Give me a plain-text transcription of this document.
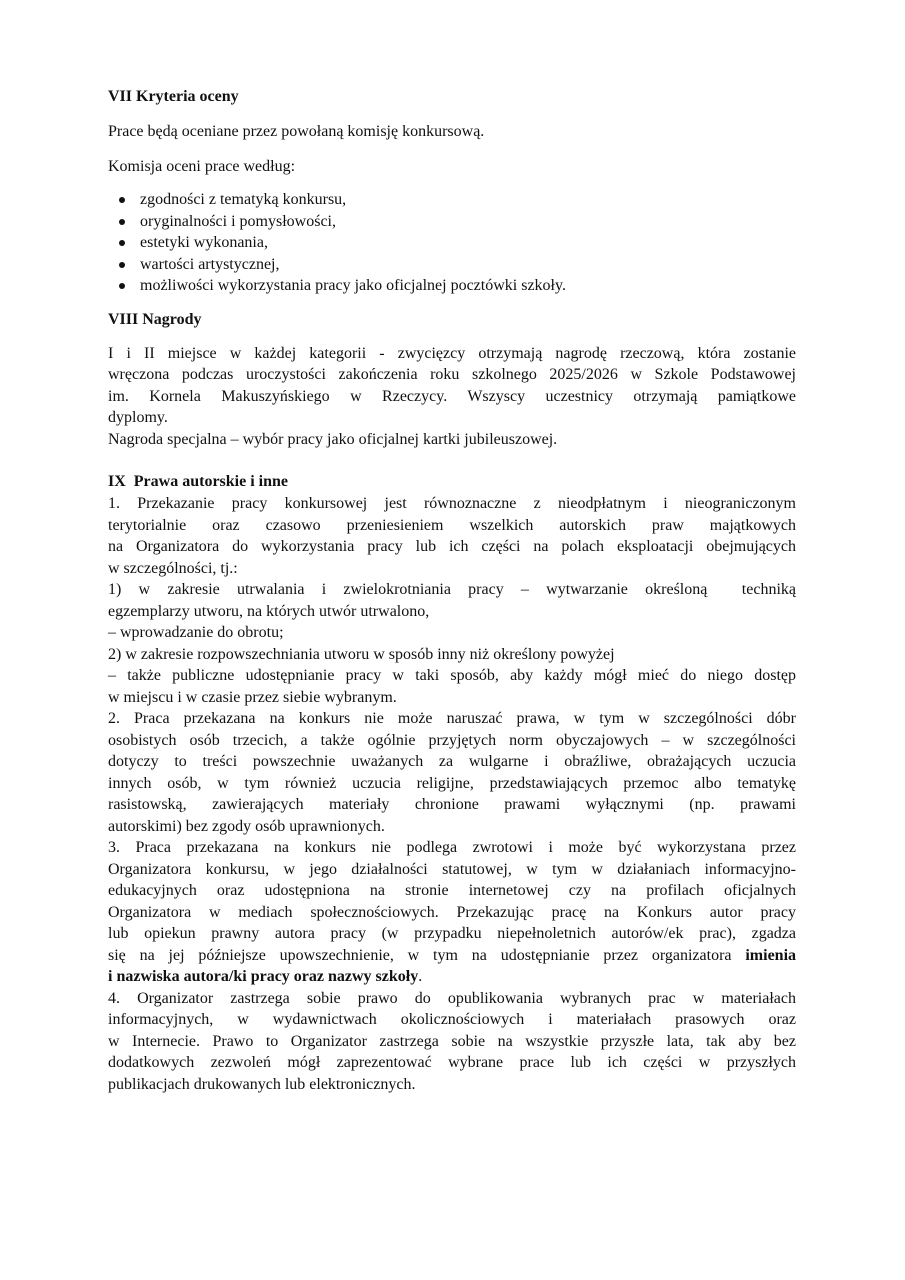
VII Kryteria oceny

Prace będą oceniane przez powołaną komisję konkursową.

Komisja oceni prace według:

zgodności z tematyką konkursu,
oryginalności i pomysłowości,
estetyki wykonania,
wartości artystycznej,
możliwości wykorzystania pracy jako oficjalnej pocztówki szkoły.
VIII Nagrody
I i II miejsce w każdej kategorii - zwycięzcy otrzymają nagrodę rzeczową, która zostanie
wręczona podczas uroczystości zakończenia roku szkolnego 2025/2026 w Szkole Podstawowej
im. Kornela Makuszyńskiego w Rzeczycy. Wszyscy uczestnicy otrzymają pamiątkowe
dyplomy.
Nagroda specjalna – wybór pracy jako oficjalnej kartki jubileuszowej.
IX  Prawa autorskie i inne
1. Przekazanie pracy konkursowej jest równoznaczne z nieodpłatnym i nieograniczonym
terytorialnie oraz czasowo przeniesieniem wszelkich autorskich praw majątkowych
na Organizatora do wykorzystania pracy lub ich części na polach eksploatacji obejmujących
w szczególności, tj.:
1) w zakresie utrwalania i zwielokrotniania pracy – wytwarzanie określoną  techniką
egzemplarzy utworu, na których utwór utrwalono,
– wprowadzanie do obrotu;
2) w zakresie rozpowszechniania utworu w sposób inny niż określony powyżej
– także publiczne udostępnianie pracy w taki sposób, aby każdy mógł mieć do niego dostęp
w miejscu i w czasie przez siebie wybranym.
2. Praca przekazana na konkurs nie może naruszać prawa, w tym w szczególności dóbr
osobistych osób trzecich, a także ogólnie przyjętych norm obyczajowych – w szczególności
dotyczy to treści powszechnie uważanych za wulgarne i obraźliwe, obrażających uczucia
innych osób, w tym również uczucia religijne, przedstawiających przemoc albo tematykę
rasistowską, zawierających materiały chronione prawami wyłącznymi (np. prawami
autorskimi) bez zgody osób uprawnionych.
3. Praca przekazana na konkurs nie podlega zwrotowi i może być wykorzystana przez
Organizatora konkursu, w jego działalności statutowej, w tym w działaniach informacyjno-
edukacyjnych oraz udostępniona na stronie internetowej czy na profilach oficjalnych
Organizatora w mediach społecznościowych. Przekazując pracę na Konkurs autor pracy
lub opiekun prawny autora pracy (w przypadku niepełnoletnich autorów/ek prac), zgadza
się na jej późniejsze upowszechnienie, w tym na udostępnianie przez organizatora imienia
i nazwiska autora/ki pracy oraz nazwy szkoły.
4. Organizator zastrzega sobie prawo do opublikowania wybranych prac w materiałach
informacyjnych, w wydawnictwach okolicznościowych i materiałach prasowych oraz
w Internecie. Prawo to Organizator zastrzega sobie na wszystkie przyszłe lata, tak aby bez
dodatkowych zezwoleń mógł zaprezentować wybrane prace lub ich części w przyszłych
publikacjach drukowanych lub elektronicznych.
